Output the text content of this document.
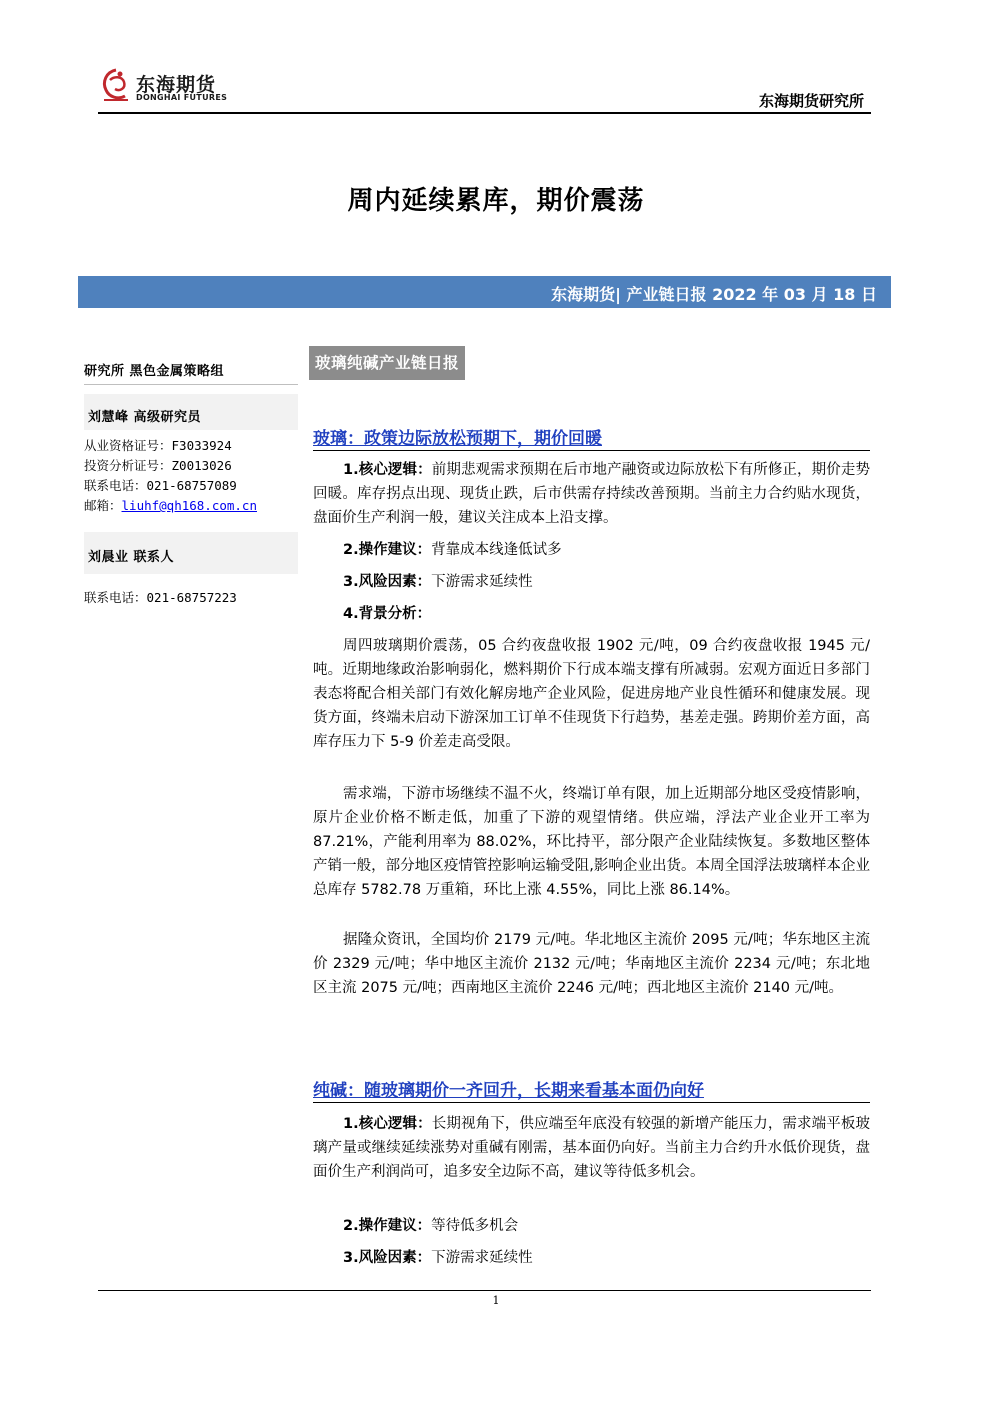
东海期货
DONGHAI FUTURES	东海期货研究所
周内延续累库，期价震荡
东海期货| 产业链日报 2022 年 03 月 18 日
研究所 黑色金属策略组
刘慧峰 高级研究员
从业资格证号：F3033924
投资分析证号：Z0013026
联系电话：021-68757089
邮箱：liuhf@qh168.com.cn
刘晨业 联系人
联系电话：021-68757223
玻璃纯碱产业链日报
玻璃：政策边际放松预期下，期价回暖
1.核心逻辑：前期悲观需求预期在后市地产融资或边际放松下有所修正，期价走势回暖。库存拐点出现、现货止跌，后市供需存持续改善预期。当前主力合约贴水现货，盘面价生产利润一般，建议关注成本上沿支撑。
2.操作建议：背靠成本线逢低试多
3.风险因素：下游需求延续性
4.背景分析：
周四玻璃期价震荡，05 合约夜盘收报 1902 元/吨，09 合约夜盘收报 1945 元/吨。近期地缘政治影响弱化，燃料期价下行成本端支撑有所减弱。宏观方面近日多部门表态将配合相关部门有效化解房地产企业风险，促进房地产业良性循环和健康发展。现货方面，终端未启动下游深加工订单不佳现货下行趋势，基差走强。跨期价差方面，高库存压力下 5-9 价差走高受限。
需求端，下游市场继续不温不火，终端订单有限，加上近期部分地区受疫情影响，原片企业价格不断走低，加重了下游的观望情绪。供应端，浮法产业企业开工率为 87.21%，产能利用率为 88.02%，环比持平，部分限产企业陆续恢复。多数地区整体产销一般，部分地区疫情管控影响运输受阻,影响企业出货。本周全国浮法玻璃样本企业总库存 5782.78 万重箱，环比上涨 4.55%，同比上涨 86.14%。
据隆众资讯，全国均价 2179 元/吨。华北地区主流价 2095 元/吨；华东地区主流价 2329 元/吨；华中地区主流价 2132 元/吨；华南地区主流价 2234 元/吨；东北地区主流 2075 元/吨；西南地区主流价 2246 元/吨；西北地区主流价 2140 元/吨。
纯碱：随玻璃期价一齐回升，长期来看基本面仍向好
1.核心逻辑：长期视角下，供应端至年底没有较强的新增产能压力，需求端平板玻璃产量或继续延续涨势对重碱有刚需，基本面仍向好。当前主力合约升水低价现货，盘面价生产利润尚可，追多安全边际不高，建议等待低多机会。
2.操作建议：等待低多机会
3.风险因素：下游需求延续性
1
